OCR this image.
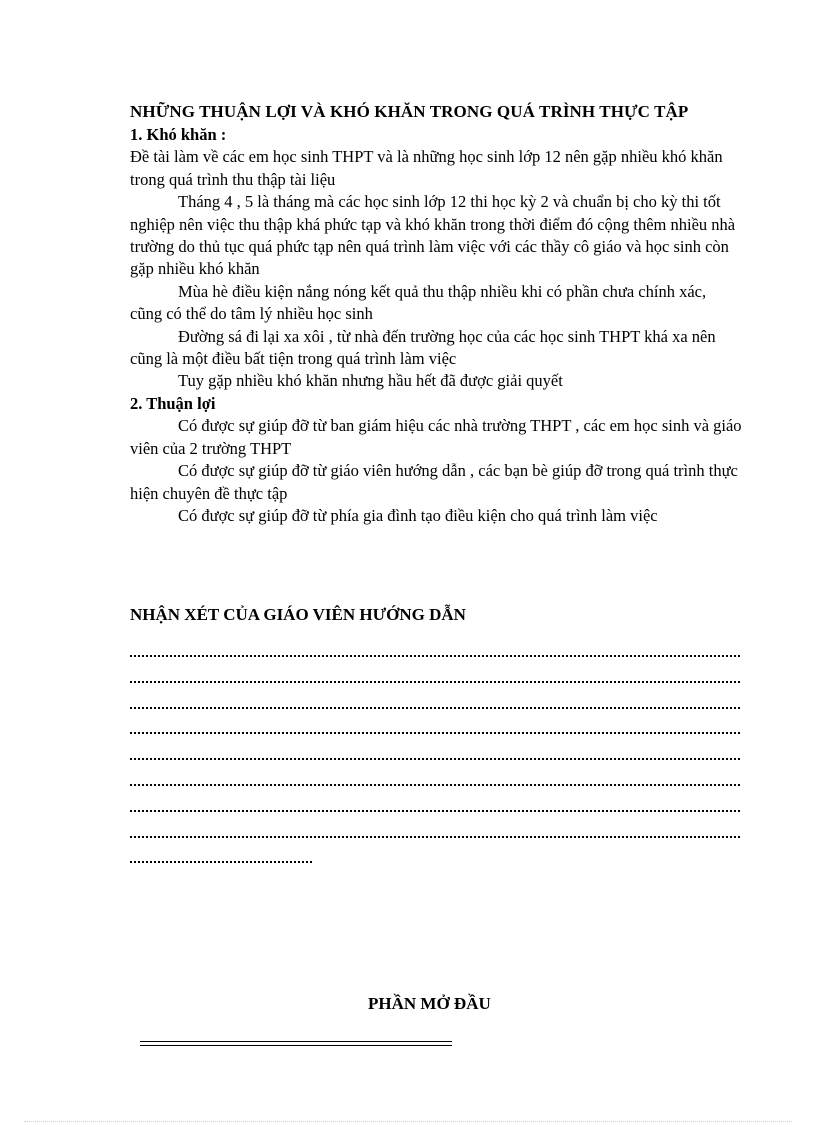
NHỮNG THUẬN LỢI VÀ KHÓ KHĂN TRONG QUÁ TRÌNH THỰC TẬP
1. Khó khăn :

Đề tài làm về các em học sinh THPT và là những học sinh lớp 12 nên gặp nhiều khó khăn trong quá trình thu thập tài liệu

Tháng 4 , 5 là tháng mà các học sinh lớp 12 thi học kỳ 2 và chuẩn bị cho kỳ thi tốt nghiệp nên việc thu thập khá phức tạp và khó khăn trong thời điểm đó cộng thêm nhiều nhà trường do thủ tục quá phức tạp nên quá trình làm việc với các thầy cô giáo và học sinh còn gặp nhiều khó khăn

Mùa hè điều kiện nắng nóng kết quả thu thập nhiều khi có phần chưa chính xác, cũng có thể do tâm lý nhiều học sinh

Đường sá đi lại xa xôi , từ nhà đến trường học của các học sinh THPT khá xa nên cũng là một điều bất tiện trong quá trình làm việc

Tuy gặp nhiều khó khăn nhưng hầu hết đã được giải quyết

2. Thuận lợi

Có được sự giúp đỡ từ ban giám hiệu các nhà trường THPT , các em học sinh và giáo viên của 2 trường THPT

Có được sự giúp đỡ từ giáo viên hướng dẫn , các bạn bè giúp đỡ trong quá trình thực hiện chuyên đề thực tập

Có được sự giúp đỡ từ phía gia đình tạo điều kiện cho quá trình làm việc

NHẬN XÉT CỦA GIÁO VIÊN HƯỚNG DẪN
PHẦN MỞ ĐẦU
